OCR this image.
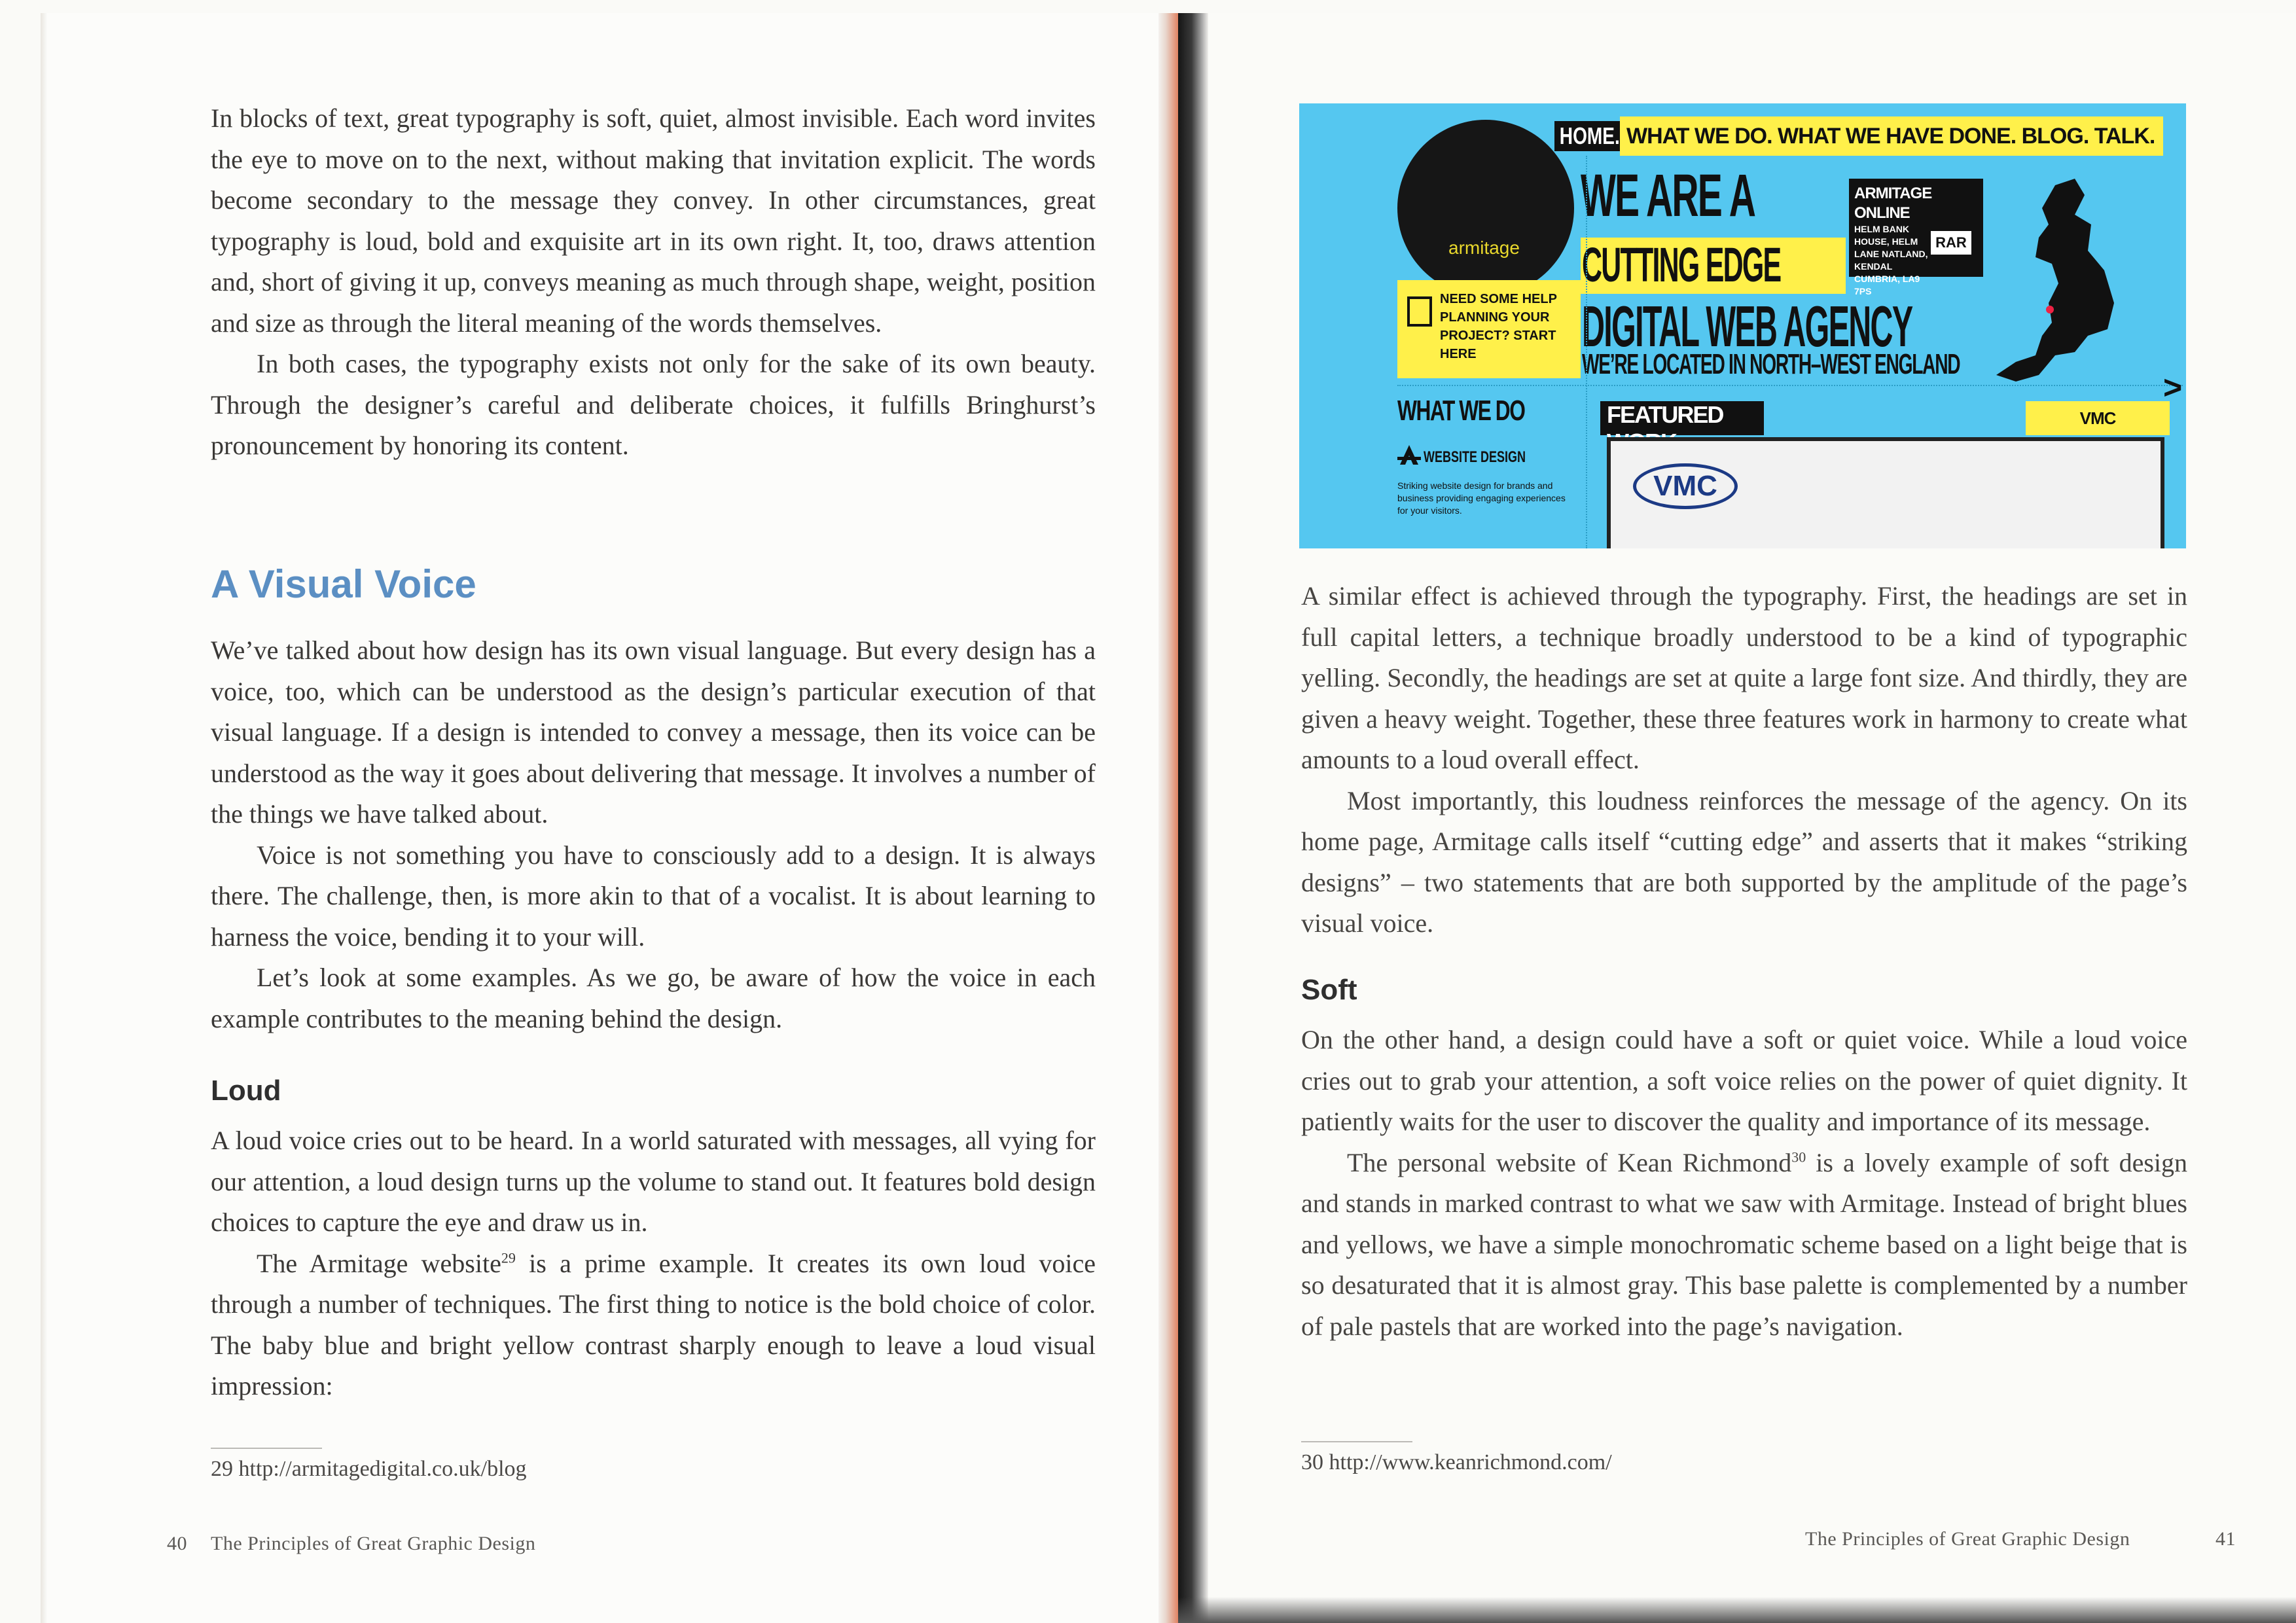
In blocks of text, great typography is soft, quiet, almost invisible. Each word invites the eye to move on to the next, without making that invitation explicit. The words become secondary to the message they convey. In other circumstances, great typography is loud, bold and exquisite art in its own right. It, too, draws attention and, short of giving it up, conveys meaning as much through shape, weight, position and size as through the literal meaning of the words themselves.

In both cases, the typography exists not only for the sake of its own beauty. Through the designer’s careful and deliberate choices, it fulfills Bringhurst’s pronouncement by honoring its content.

A Visual Voice

We’ve talked about how design has its own visual language. But every design has a voice, too, which can be understood as the design’s particular execution of that visual language. If a design is intended to convey a message, then its voice can be understood as the way it goes about delivering that message. It involves a number of the things we have talked about.

Voice is not something you have to consciously add to a design. It is always there. The challenge, then, is more akin to that of a vocalist. It is about learning to harness the voice, bending it to your will.

Let’s look at some examples. As we go, be aware of how the voice in each example contributes to the meaning behind the design.

Loud

A loud voice cries out to be heard. In a world saturated with messages, all vying for our attention, a loud design turns up the volume to stand out. It features bold design choices to capture the eye and draw us in.

The Armitage website$^{29}$ is a prime example. It creates its own loud voice through a number of techniques. The first thing to notice is the bold choice of color. The baby blue and bright yellow contrast sharply enough to leave a loud visual impression:

29 http://armitagedigital.co.uk/blog
40 The Principles of Great Graphic Design
armitage
HOME. WHAT WE DO. WHAT WE HAVE DONE. BLOG. TALK.
WE ARE A
CUTTING EDGE
DIGITAL WEB AGENCY
WE’RE LOCATED IN NORTH–WEST ENGLAND
ARMITAGE ONLINE
HELM BANK HOUSE, HELM LANE NATLAND, KENDAL CUMBRIA, LA9 7PS
RAR
NEED SOME HELP PLANNING YOUR PROJECT? START HERE
WHAT WE DO
WEBSITE DESIGN
Striking website design for brands and business providing engaging experiences for your visitors.
FEATURED	VMC
VMC
>

A similar effect is achieved through the typography. First, the headings are set in full capital letters, a technique broadly understood to be a kind of typographic yelling. Secondly, the headings are set at quite a large font size. And thirdly, they are given a heavy weight. Together, these three features work in harmony to create what amounts to a loud overall effect.

Most importantly, this loudness reinforces the message of the agency. On its home page, Armitage calls itself “cutting edge” and asserts that it makes “striking designs” – two statements that are both supported by the amplitude of the page’s visual voice.

Soft

On the other hand, a design could have a soft or quiet voice. While a loud voice cries out to grab your attention, a soft voice relies on the power of quiet dignity. It patiently waits for the user to discover the quality and importance of its message.

The personal website of Kean Richmond$^{30}$ is a lovely example of soft design and stands in marked contrast to what we saw with Armitage. Instead of bright blues and yellows, we have a simple monochromatic scheme based on a light beige that is so desaturated that it is almost gray. This base palette is complemented by a number of pale pastels that are worked into the page’s navigation.

30 http://www.keanrichmond.com/
The Principles of Great Graphic Design	41
